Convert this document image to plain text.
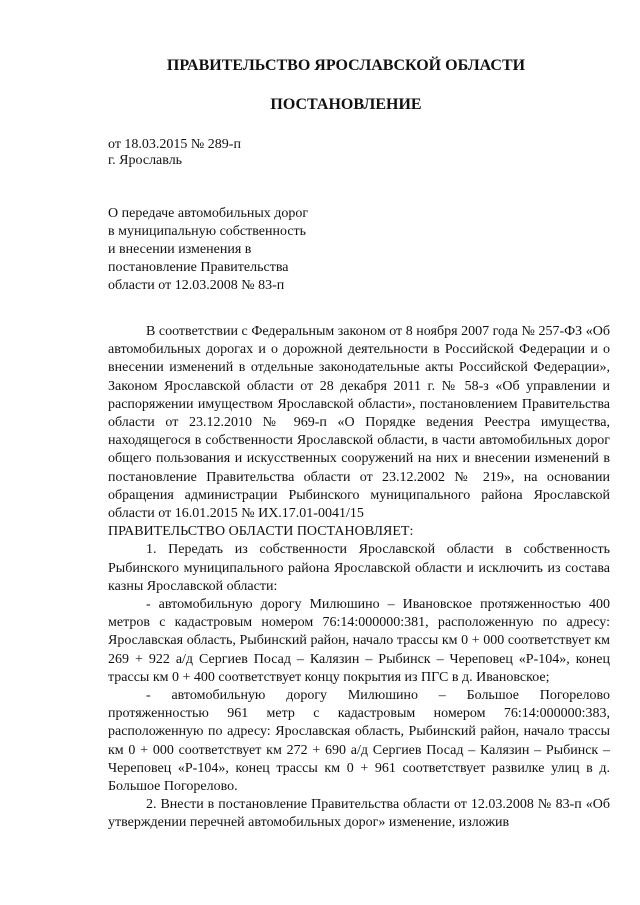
ПРАВИТЕЛЬСТВО ЯРОСЛАВСКОЙ ОБЛАСТИ
ПОСТАНОВЛЕНИЕ

от 18.03.2015 № 289-п

г. Ярославль

О передаче автомобильных дорог
в муниципальную собственность
и внесении изменения в
постановление Правительства
области от 12.03.2008 № 83-п

В соответствии с Федеральным законом от 8 ноября 2007 года № 257-ФЗ «Об автомобильных дорогах и о дорожной деятельности в Российской Федерации и о внесении изменений в отдельные законодательные акты Российской Федерации», Законом Ярославской области от 28 декабря 2011 г. № 58-з «Об управлении и распоряжении имуществом Ярославской области», постановлением Правительства области от 23.12.2010 № 969-п «О Порядке ведения Реестра имущества, находящегося в собственности Ярославской области, в части автомобильных дорог общего пользования и искусственных сооружений на них и внесении изменений в постановление Правительства области от 23.12.2002 № 219», на основании обращения администрации Рыбинского муниципального района Ярославской области от 16.01.2015 № ИХ.17.01-0041/15

ПРАВИТЕЛЬСТВО ОБЛАСТИ ПОСТАНОВЛЯЕТ:

1. Передать из собственности Ярославской области в собственность Рыбинского муниципального района Ярославской области и исключить из состава казны Ярославской области:

- автомобильную дорогу Милюшино – Ивановское протяженностью 400 метров с кадастровым номером 76:14:000000:381, расположенную по адресу: Ярославская область, Рыбинский район, начало трассы км 0 + 000 соответствует км 269 + 922 а/д Сергиев Посад – Калязин – Рыбинск – Череповец «Р-104», конец трассы км 0 + 400 соответствует концу покрытия из ПГС в д. Ивановское;

- автомобильную дорогу Милюшино – Большое Погорелово протяженностью 961 метр с кадастровым номером 76:14:000000:383, расположенную по адресу: Ярославская область, Рыбинский район, начало трассы км 0 + 000 соответствует км 272 + 690 а/д Сергиев Посад – Калязин – Рыбинск – Череповец «Р-104», конец трассы км 0 + 961 соответствует развилке улиц в д. Большое Погорелово.

2. Внести в постановление Правительства области от 12.03.2008 № 83-п «Об утверждении перечней автомобильных дорог» изменение, изложив
